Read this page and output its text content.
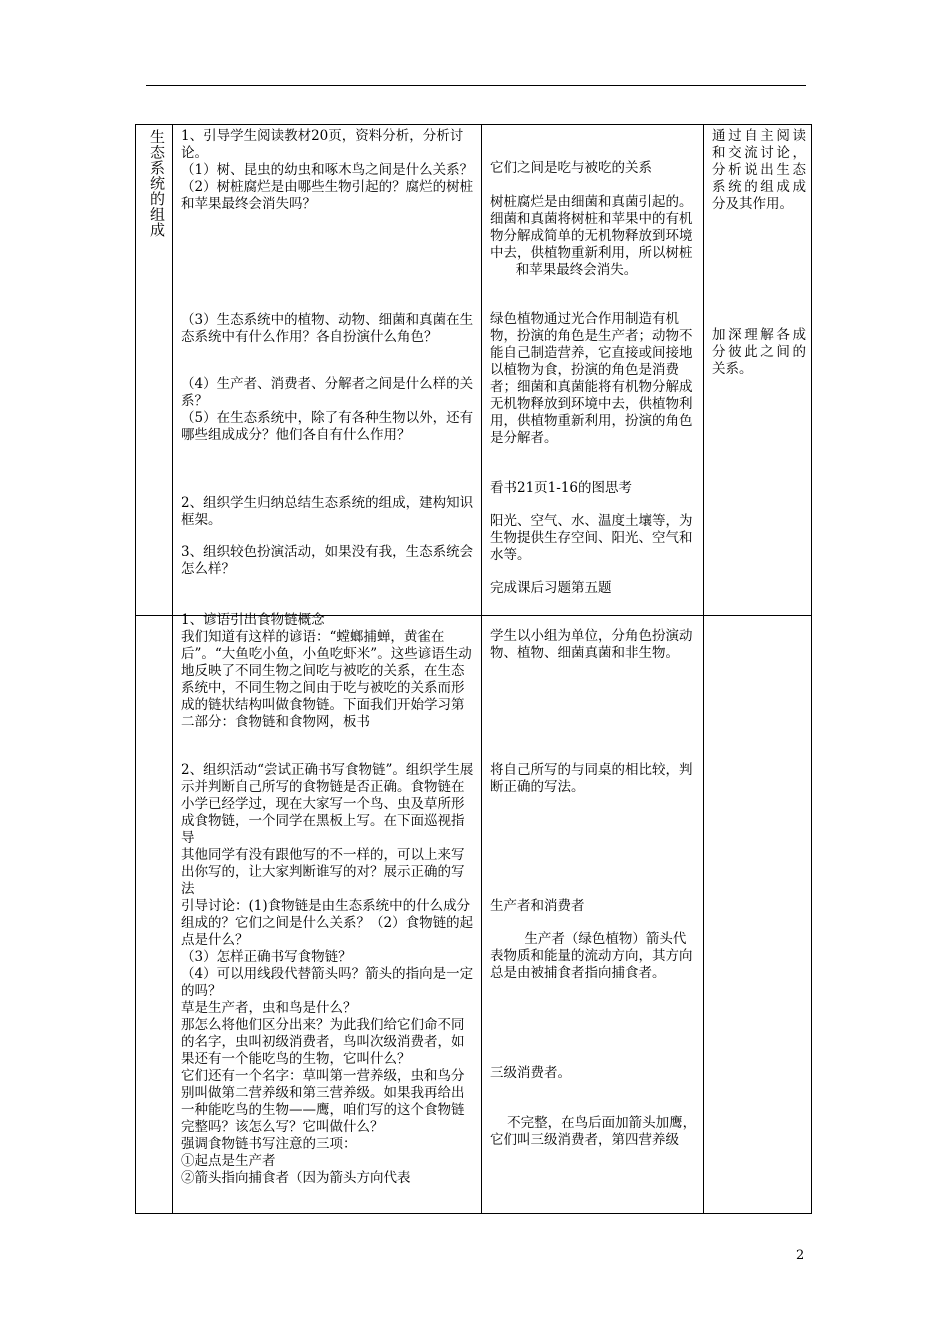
生态系统的组成 1、引导学生阅读教材20页，资料分析，分析讨论。
（1）树、昆虫的幼虫和啄木鸟之间是什么关系？
（2）树桩腐烂是由哪些生物引起的？腐烂的树桩和苹果最终会消失吗？
（3）生态系统中的植物、动物、细菌和真菌在生态系统中有什么作用？各自扮演什么角色？
（4）生产者、消费者、分解者之间是什么样的关系？
（5）在生态系统中，除了有各种生物以外，还有哪些组成成分？他们各自有什么作用？
2、组织学生归纳总结生态系统的组成，建构知识框架。
3、组织较色扮演活动，如果没有我，生态系统会怎么样？
1、谚语引出食物链概念
我们知道有这样的谚语：“螳螂捕蝉，黄雀在后”。“大鱼吃小鱼，小鱼吃虾米”。这些谚语生动地反映了不同生物之间吃与被吃的关系，在生态系统中，不同生物之间由于吃与被吃的关系而形成的链状结构叫做食物链。下面我们开始学习第二部分：食物链和食物网，板书
2、组织活动“尝试正确书写食物链”。组织学生展示并判断自己所写的食物链是否正确。食物链在小学已经学过，现在大家写一个鸟、虫及草所形成食物链，一个同学在黑板上写。在下面巡视指导
其他同学有没有跟他写的不一样的，可以上来写出你写的，让大家判断谁写的对？展示正确的写法
引导讨论：(1)食物链是由生态系统中的什么成分组成的？它们之间是什么关系？（2）食物链的起点是什么？
（3）怎样正确书写食物链？
（4）可以用线段代替箭头吗？箭头的指向是一定的吗？
草是生产者，虫和鸟是什么？
那怎么将他们区分出来？为此我们给它们命不同的名字，虫叫初级消费者，鸟叫次级消费者，如果还有一个能吃鸟的生物，它叫什么？
它们还有一个名字：草叫第一营养级，虫和鸟分别叫做第二营养级和第三营养级。如果我再给出一种能吃鸟的生物——鹰，咱们写的这个食物链完整吗？该怎么写？它叫做什么？
强调食物链书写注意的三项：
①起点是生产者
②箭头指向捕食者（因为箭头方向代表
它们之间是吃与被吃的关系
树桩腐烂是由细菌和真菌引起的。细菌和真菌将树桩和苹果中的有机物分解成简单的无机物释放到环境中去，供植物重新利用，所以树桩
和苹果最终会消失。
绿色植物通过光合作用制造有机物，扮演的角色是生产者；动物不能自己制造营养，它直接或间接地以植物为食，扮演的角色是消费者；细菌和真菌能将有机物分解成无机物释放到环境中去，供植物利用，供植物重新利用，扮演的角色是分解者。
看书21页1-16的图思考
阳光、空气、水、温度土壤等，为生物提供生存空间、阳光、空气和水等。
完成课后习题第五题
学生以小组为单位，分角色扮演动物、植物、细菌真菌和非生物。
将自己所写的与同桌的相比较，判断正确的写法。
生产者和消费者
生产者（绿色植物）箭头代表物质和能量的流动方向，其方向总是由被捕食者指向捕食者。
三级消费者。
不完整，在鸟后面加箭头加鹰，它们叫三级消费者，第四营养级
通过自主阅读和交流讨论，分析说出生态系统的组成成分及其作用。
加深理解各成分彼此之间的关系。
2
